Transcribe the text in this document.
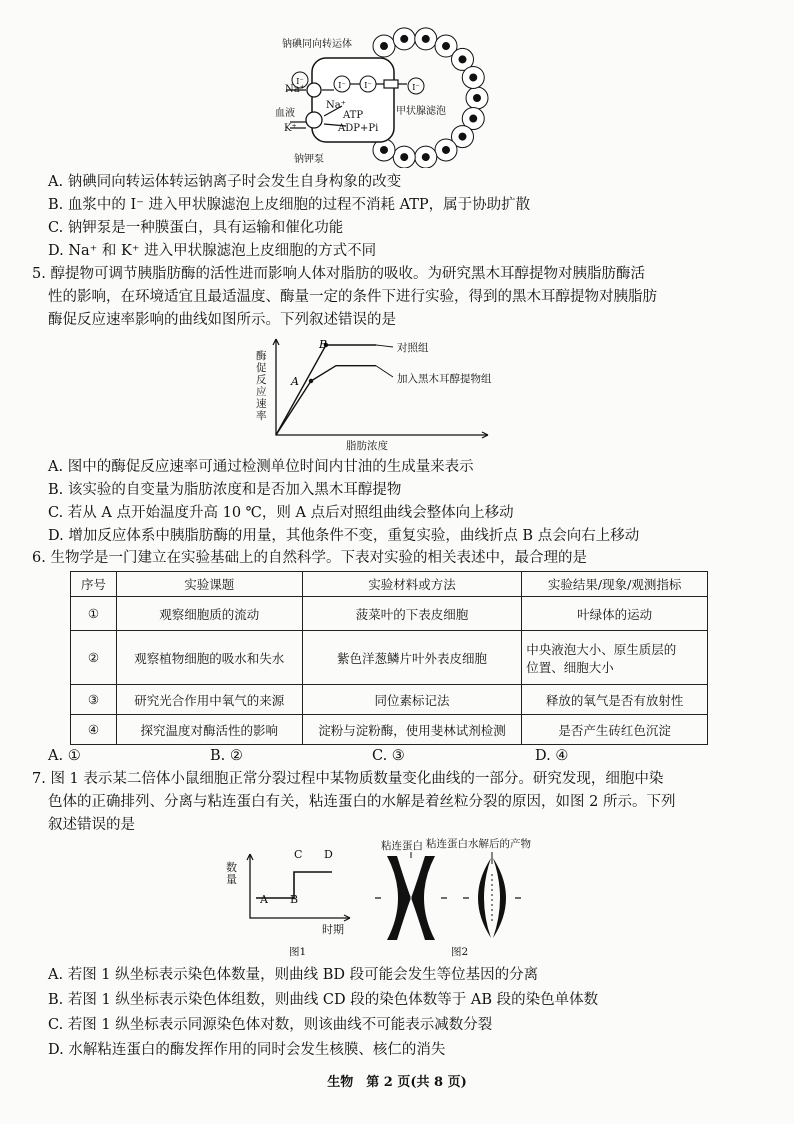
I⁻	I⁻ I⁻	I⁻
钠碘同向转运体
Na⁺
血液
K⁺
Na⁺
ATP
ADP+Pi
甲状腺滤泡
钠钾泵
A. 钠碘同向转运体转运钠离子时会发生自身构象的改变
B. 血浆中的 I⁻ 进入甲状腺滤泡上皮细胞的过程不消耗 ATP，属于协助扩散
C. 钠钾泵是一种膜蛋白，具有运输和催化功能
D. Na⁺ 和 K⁺ 进入甲状腺滤泡上皮细胞的方式不同
5. 醇提物可调节胰脂肪酶的活性进而影响人体对脂肪的吸收。为研究黑木耳醇提物对胰脂肪酶活
性的影响，在环境适宜且最适温度、酶量一定的条件下进行实验，得到的黑木耳醇提物对胰脂肪
酶促反应速率影响的曲线如图所示。下列叙述错误的是
A
B
酶促反应速率
脂肪浓度
对照组
加入黑木耳醇提物组
A. 图中的酶促反应速率可通过检测单位时间内甘油的生成量来表示
B. 该实验的自变量为脂肪浓度和是否加入黑木耳醇提物
C. 若从 A 点开始温度升高 10 ℃，则 A 点后对照组曲线会整体向上移动
D. 增加反应体系中胰脂肪酶的用量，其他条件不变，重复实验，曲线折点 B 点会向右上移动
6. 生物学是一门建立在实验基础上的自然科学。下表对实验的相关表述中，最合理的是
序号	实验课题	实验材料或方法	实验结果/现象/观测指标
①	观察细胞质的流动	菠菜叶的下表皮细胞	叶绿体的运动
②	观察植物细胞的吸水和失水	紫色洋葱鳞片叶外表皮细胞	中央液泡大小、原生质层的
位置、细胞大小

③	研究光合作用中氧气的来源	同位素标记法	释放的氧气是否有放射性
④	探究温度对酶活性的影响	淀粉与淀粉酶，使用斐林试剂检测	是否产生砖红色沉淀
A. ①	B. ②	C. ③	D. ④
7. 图 1 表示某二倍体小鼠细胞正常分裂过程中某物质数量变化曲线的一部分。研究发现，细胞中染
色体的正确排列、分离与粘连蛋白有关，粘连蛋白的水解是着丝粒分裂的原因，如图 2 所示。下列
叙述错误的是
数量
时期
A B
C D
图1
粘连蛋白 粘连蛋白水解后的产物
图2
A. 若图 1 纵坐标表示染色体数量，则曲线 BD 段可能会发生等位基因的分离
B. 若图 1 纵坐标表示染色体组数，则曲线 CD 段的染色体数等于 AB 段的染色单体数
C. 若图 1 纵坐标表示同源染色体对数，则该曲线不可能表示减数分裂
D. 水解粘连蛋白的酶发挥作用的同时会发生核膜、核仁的消失
生物　第 2 页(共 8 页)
